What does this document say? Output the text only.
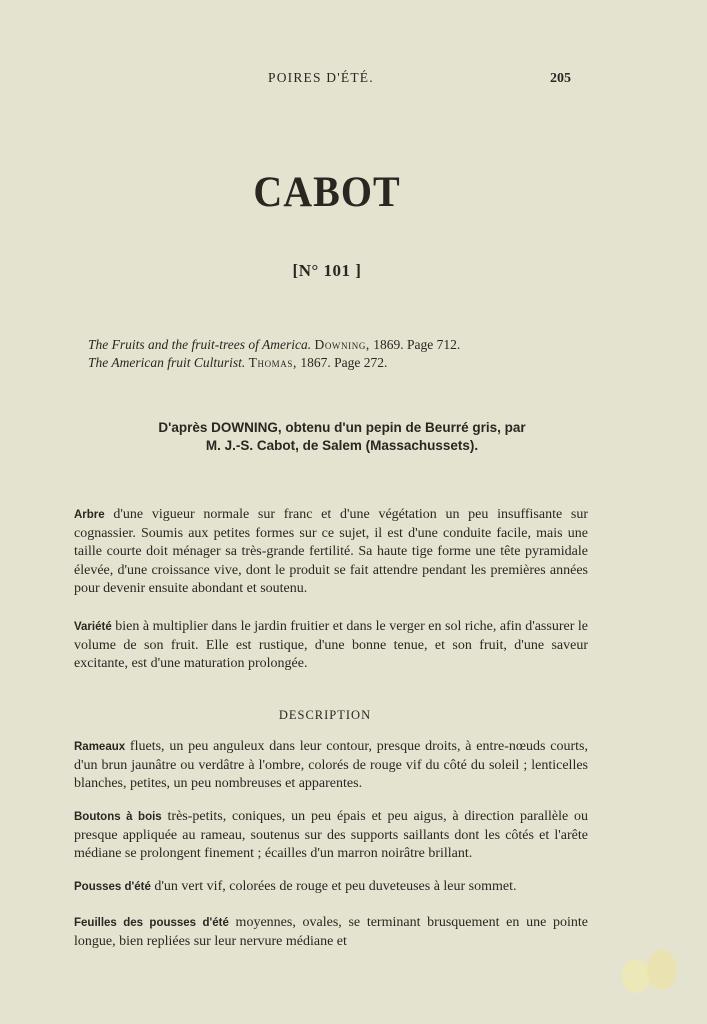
POIRES D'ÉTÉ.	205
CABOT
[N° 101 ]
The Fruits and the fruit-trees of America. Downing, 1869. Page 712.
The American fruit Culturist. Thomas, 1867. Page 272.
D'après DOWNING, obtenu d'un pepin de Beurré gris, par
M. J.-S. Cabot, de Salem (Massachussets).

Arbre d'une vigueur normale sur franc et d'une végétation un peu insuffisante sur cognassier. Soumis aux petites formes sur ce sujet, il est d'une conduite facile, mais une taille courte doit ménager sa très-grande fertilité. Sa haute tige forme une tête pyramidale élevée, d'une croissance vive, dont le produit se fait attendre pendant les premières années pour devenir ensuite abondant et soutenu.

Variété bien à multiplier dans le jardin fruitier et dans le verger en sol riche, afin d'assurer le volume de son fruit. Elle est rustique, d'une bonne tenue, et son fruit, d'une saveur excitante, est d'une maturation prolongée.

DESCRIPTION

Rameaux fluets, un peu anguleux dans leur contour, presque droits, à entre-nœuds courts, d'un brun jaunâtre ou verdâtre à l'ombre, colorés de rouge vif du côté du soleil ; lenticelles blanches, petites, un peu nombreuses et apparentes.

Boutons à bois très-petits, coniques, un peu épais et peu aigus, à direction parallèle ou presque appliquée au rameau, soutenus sur des supports saillants dont les côtés et l'arête médiane se prolongent finement ; écailles d'un marron noirâtre brillant.

Pousses d'été d'un vert vif, colorées de rouge et peu duveteuses à leur sommet.

Feuilles des pousses d'été moyennes, ovales, se terminant brusquement en une pointe longue, bien repliées sur leur nervure médiane et
